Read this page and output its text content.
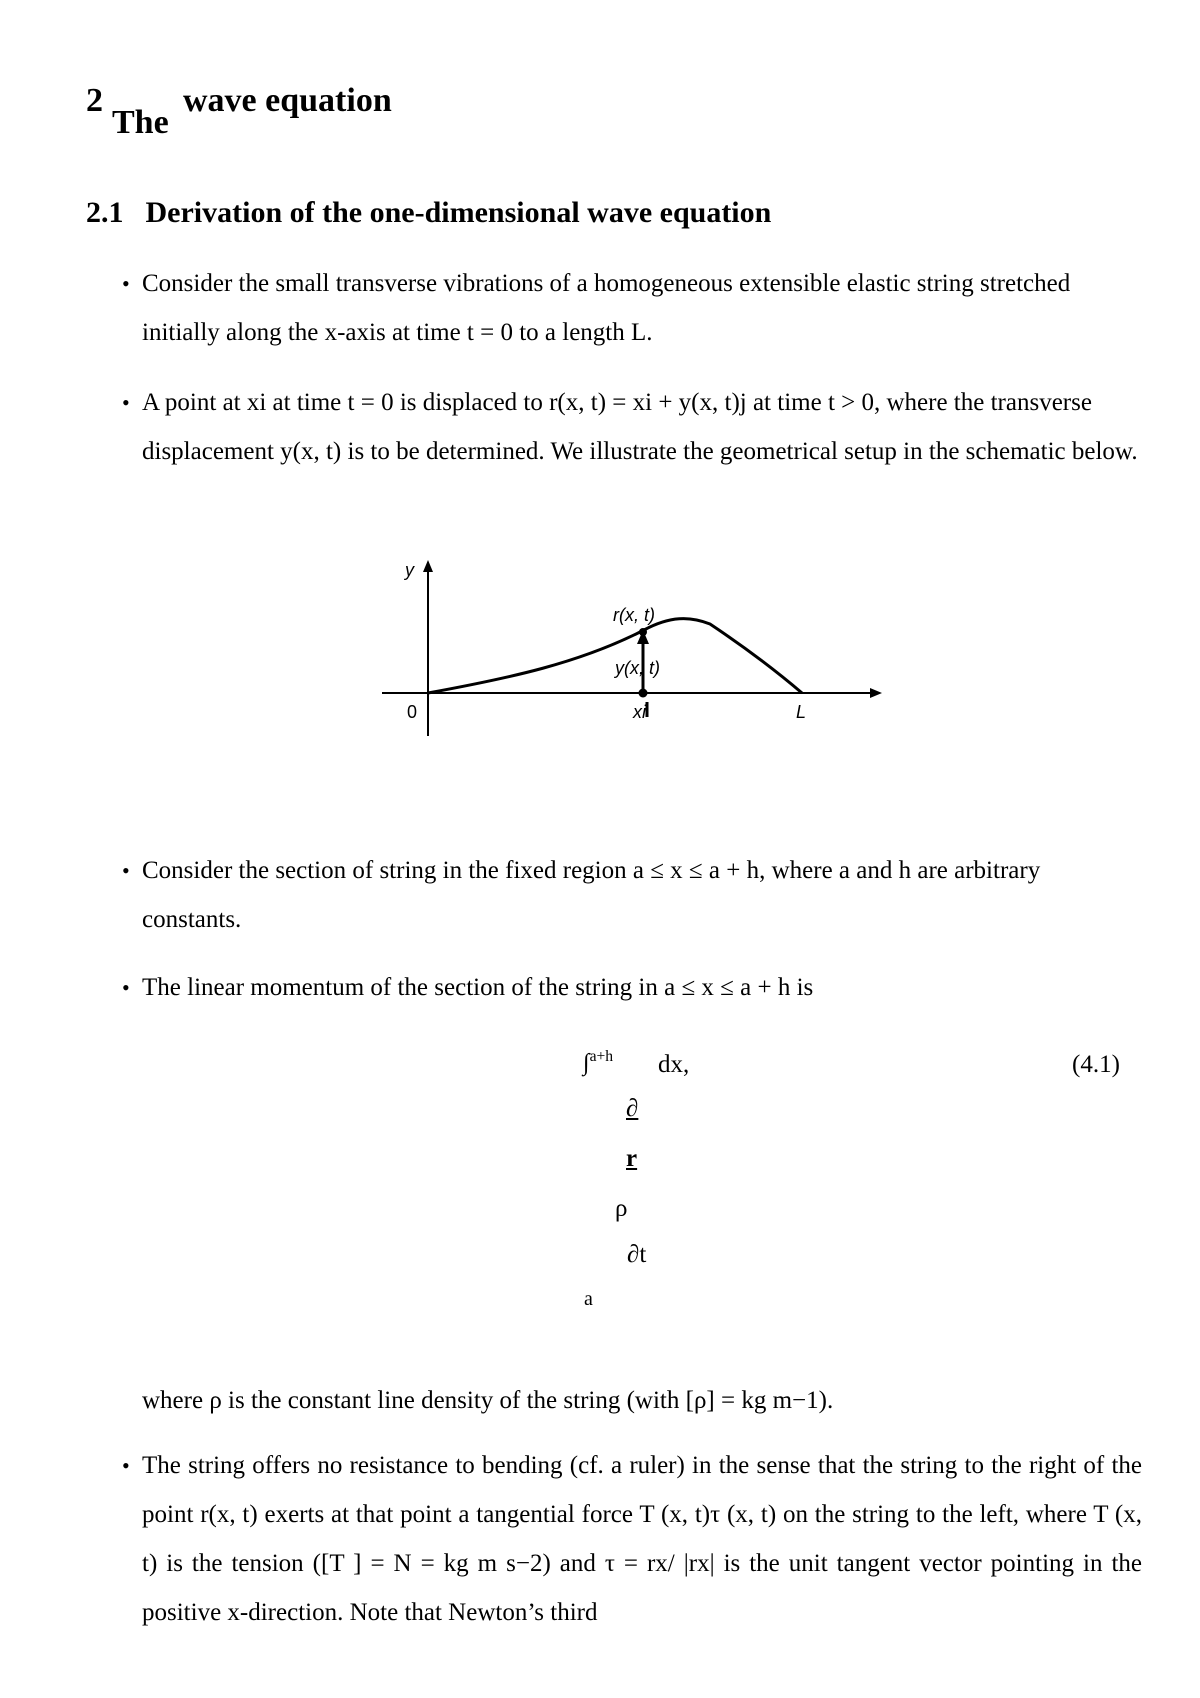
2
The
wave equation
2.1 Derivation of the one-dimensional wave equation
• Consider the small transverse vibrations of a homogeneous extensible elastic string stretched initially along the x-axis at time t = 0 to a length L.
• A point at xi at time t = 0 is displaced to r(x, t) = xi + y(x, t)j at time t > 0, where the transverse displacement y(x, t) is to be determined. We illustrate the geometrical setup in the schematic below.
y
0
r(x, t)
y(x, t)
xi	L
• Consider the section of string in the fixed region a ≤ x ≤ a + h, where a and h are arbitrary constants.
• The linear momentum of the section of the string in a ≤ x ≤ a + h is
∫$^{a+h}$ dx,	(4.1)
∂
r
ρ
∂t
a
where ρ is the constant line density of the string (with [ρ] = kg m−1).
• The string offers no resistance to bending (cf. a ruler) in the sense that the string to the right of the point r(x, t) exerts at that point a tangential force T (x, t)τ (x, t) on the string to the left, where T (x, t) is the tension ([T ] = N = kg m s−2) and τ = rx/ |rx| is the unit tangent vector pointing in the positive x-direction. Note that Newton’s third
